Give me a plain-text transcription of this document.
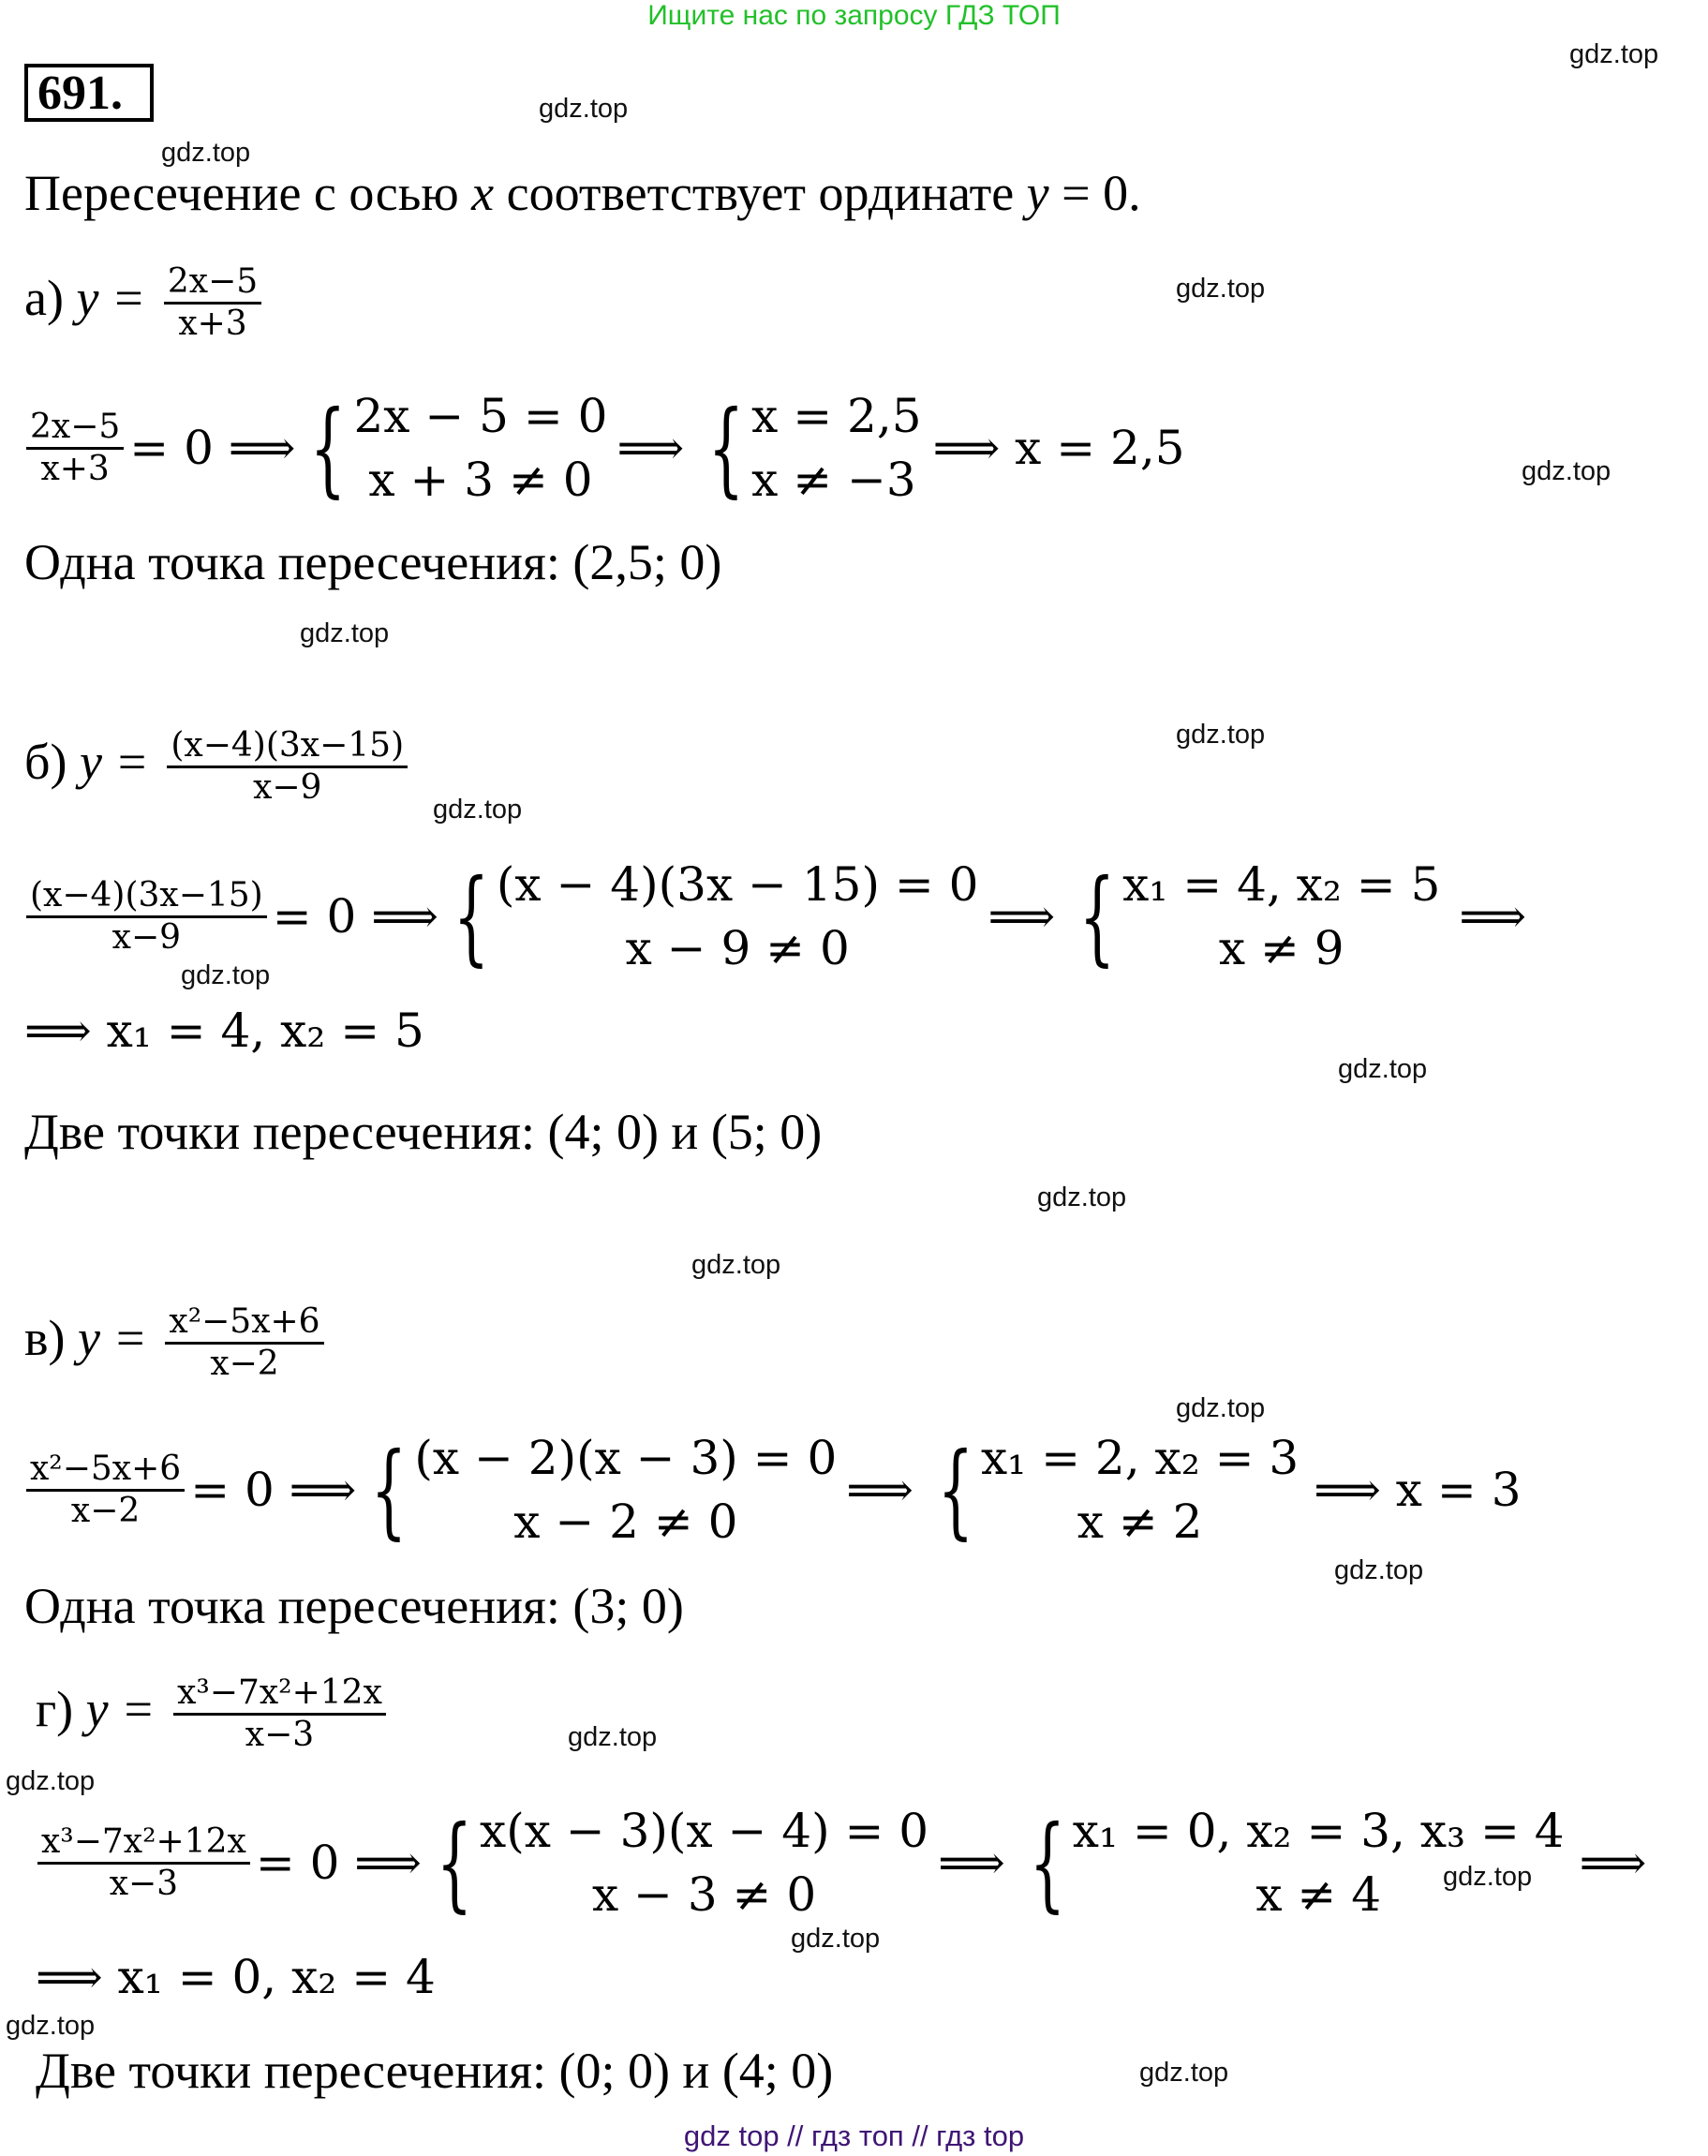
Ищите нас по запросу ГДЗ ТОП
691.
Пересечение с осью x соответствует ординате y = 0.
а) $y = \frac{2x-5}{x+3}$
$\frac{2x-5}{x+3} = 0$ ⟹ { 2x − 5 = 0
x + 3 ≠ 0
⟹ { x = 2,5
x ≠ −3
⟹ x = 2,5
Одна точка пересечения: (2,5; 0)
б) $y = \frac{(x-4)(3x-15)}{x-9}$
$\frac{(x-4)(3x-15)}{x-9} = 0$ ⟹ { (x − 4)(3x − 15) = 0
x − 9 ≠ 0
⟹ { x₁ = 4, x₂ = 5
x ≠ 9
⟹
⟹ x₁ = 4, x₂ = 5
Две точки пересечения: (4; 0) и (5; 0)
в) $y = \frac{\text{x²−5x+6}}{x-2}$
$\frac{\text{x²−5x+6}}{x-2} = 0$ ⟹ { (x − 2)(x − 3) = 0
x − 2 ≠ 0
⟹ { x₁ = 2, x₂ = 3
x ≠ 2
⟹ x = 3
Одна точка пересечения: (3; 0)
г) $y = \frac{\text{x³−7x²+12x}}{x-3}$
$\frac{\text{x³−7x²+12x}}{x-3} = 0$ ⟹ { x(x − 3)(x − 4) = 0
x − 3 ≠ 0
⟹ { x₁ = 0, x₂ = 3, x₃ = 4
x ≠ 4
⟹
⟹ x₁ = 0, x₂ = 4
Две точки пересечения: (0; 0) и (4; 0)
gdz.top
gdz.top
gdz.top
gdz.top
gdz.top
gdz.top
gdz.top
gdz.top
gdz.top
gdz.top
gdz.top
gdz.top
gdz.top
gdz.top
gdz.top
gdz.top
gdz.top
gdz.top
gdz.top
gdz.top
gdz top // гдз топ // гдз top
